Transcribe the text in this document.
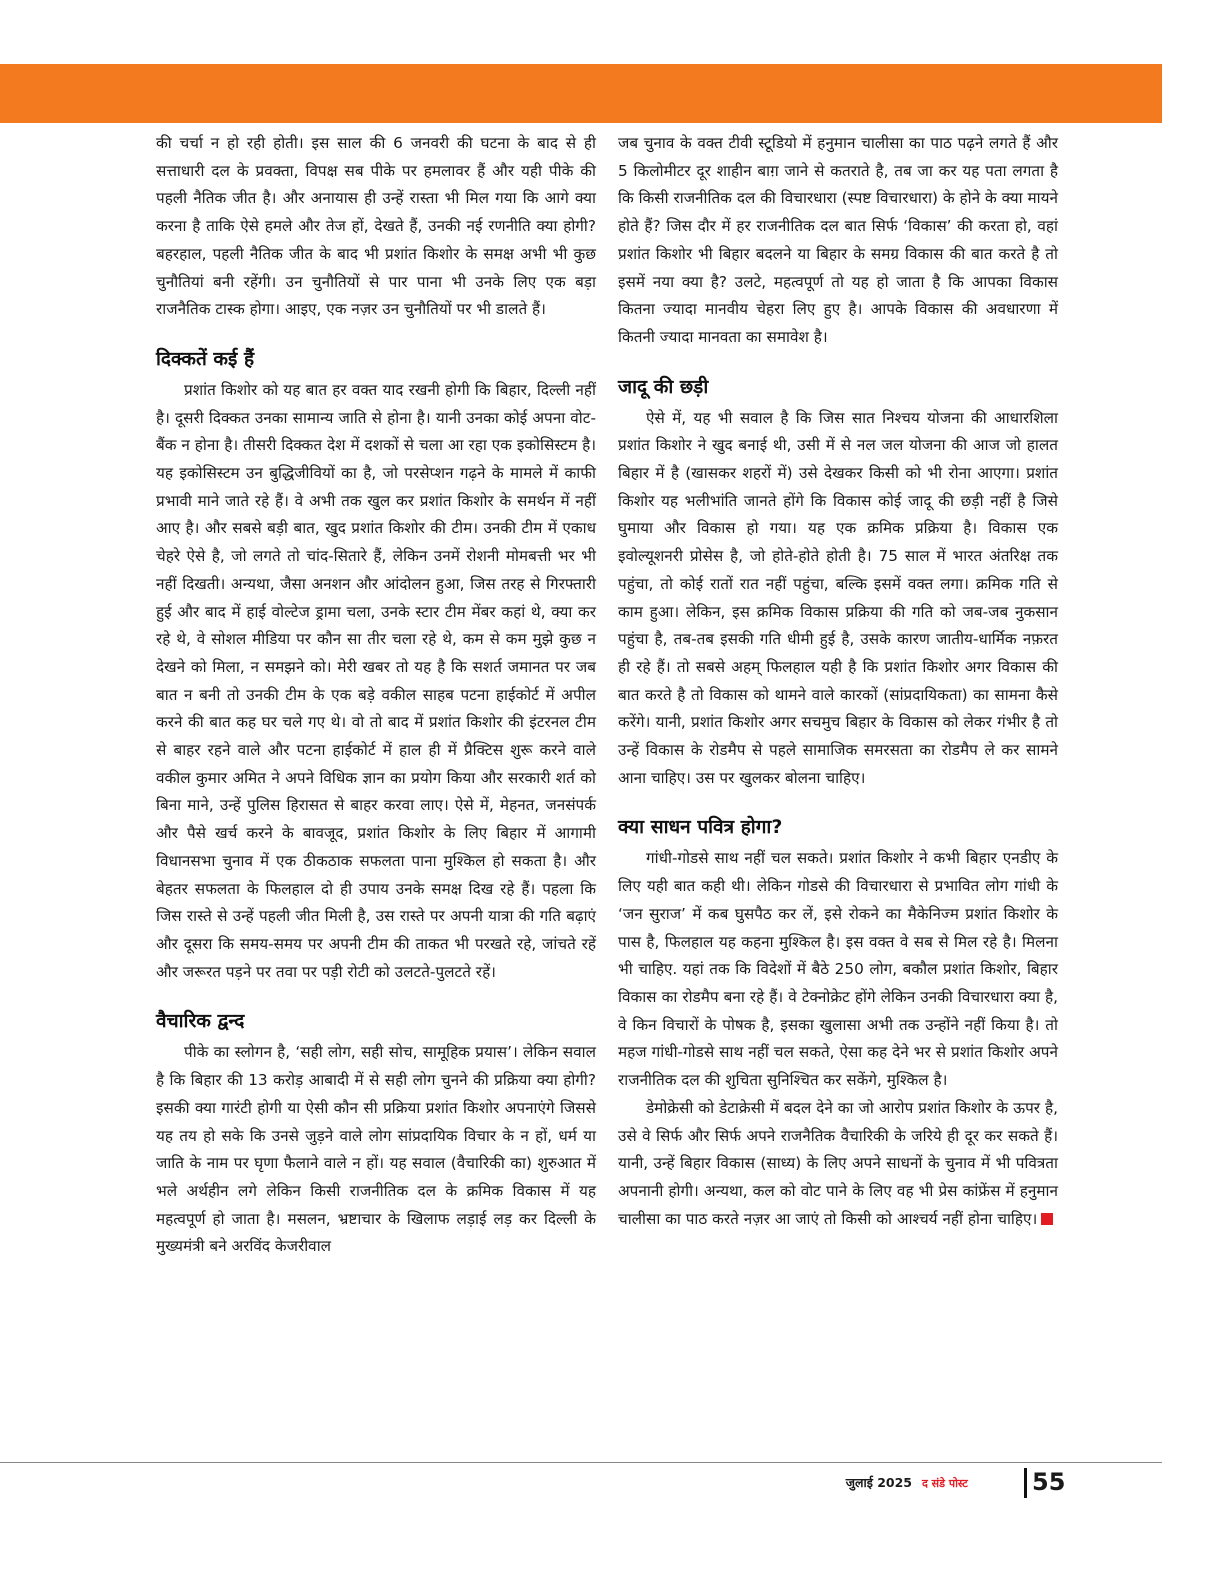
की चर्चा न हो रही होती। इस साल की 6 जनवरी की घटना के बाद से ही सत्ताधारी दल के प्रवक्ता, विपक्ष सब पीके पर हमलावर हैं और यही पीके की पहली नैतिक जीत है। और अनायास ही उन्हें रास्ता भी मिल गया कि आगे क्या करना है ताकि ऐसे हमले और तेज हों, देखते हैं, उनकी नई रणनीति क्या होगी? बहरहाल, पहली नैतिक जीत के बाद भी प्रशांत किशोर के समक्ष अभी भी कुछ चुनौतियां बनी रहेंगी। उन चुनौतियों से पार पाना भी उनके लिए एक बड़ा राजनैतिक टास्क होगा। आइए, एक नज़र उन चुनौतियों पर भी डालते हैं।

दिक्कतें कई हैं

प्रशांत किशोर को यह बात हर वक्त याद रखनी होगी कि बिहार, दिल्ली नहीं है। दूसरी दिक्कत उनका सामान्य जाति से होना है। यानी उनका कोई अपना वोट-बैंक न होना है। तीसरी दिक्कत देश में दशकों से चला आ रहा एक इकोसिस्टम है। यह इकोसिस्टम उन बुद्धिजीवियों का है, जो परसेप्शन गढ़ने के मामले में काफी प्रभावी माने जाते रहे हैं। वे अभी तक खुल कर प्रशांत किशोर के समर्थन में नहीं आए है। और सबसे बड़ी बात, खुद प्रशांत किशोर की टीम। उनकी टीम में एकाध चेहरे ऐसे है, जो लगते तो चांद-सितारे हैं, लेकिन उनमें रोशनी मोमबत्ती भर भी नहीं दिखती। अन्यथा, जैसा अनशन और आंदोलन हुआ, जिस तरह से गिरफ्तारी हुई और बाद में हाई वोल्टेज ड्रामा चला, उनके स्टार टीम मेंबर कहां थे, क्या कर रहे थे, वे सोशल मीडिया पर कौन सा तीर चला रहे थे, कम से कम मुझे कुछ न देखने को मिला, न समझने को। मेरी खबर तो यह है कि सशर्त जमानत पर जब बात न बनी तो उनकी टीम के एक बड़े वकील साहब पटना हाईकोर्ट में अपील करने की बात कह घर चले गए थे। वो तो बाद में प्रशांत किशोर की इंटरनल टीम से बाहर रहने वाले और पटना हाईकोर्ट में हाल ही में प्रैक्टिस शुरू करने वाले वकील कुमार अमित ने अपने विधिक ज्ञान का प्रयोग किया और सरकारी शर्त को बिना माने, उन्हें पुलिस हिरासत से बाहर करवा लाए। ऐसे में, मेहनत, जनसंपर्क और पैसे खर्च करने के बावजूद, प्रशांत किशोर के लिए बिहार में आगामी विधानसभा चुनाव में एक ठीकठाक सफलता पाना मुश्किल हो सकता है। और बेहतर सफलता के फिलहाल दो ही उपाय उनके समक्ष दिख रहे हैं। पहला कि जिस रास्ते से उन्हें पहली जीत मिली है, उस रास्ते पर अपनी यात्रा की गति बढ़ाएं और दूसरा कि समय-समय पर अपनी टीम की ताकत भी परखते रहे, जांचते रहें और जरूरत पड़ने पर तवा पर पड़ी रोटी को उलटते-पुलटते रहें।

वैचारिक द्वन्द

पीके का स्लोगन है, ‘सही लोग, सही सोच, सामूहिक प्रयास’। लेकिन सवाल है कि बिहार की 13 करोड़ आबादी में से सही लोग चुनने की प्रक्रिया क्या होगी? इसकी क्या गारंटी होगी या ऐसी कौन सी प्रक्रिया प्रशांत किशोर अपनाएंगे जिससे यह तय हो सके कि उनसे जुड़ने वाले लोग सांप्रदायिक विचार के न हों, धर्म या जाति के नाम पर घृणा फैलाने वाले न हों। यह सवाल (वैचारिकी का) शुरुआत में भले अर्थहीन लगे लेकिन किसी राजनीतिक दल के क्रमिक विकास में यह महत्वपूर्ण हो जाता है। मसलन, भ्रष्टाचार के खिलाफ लड़ाई लड़ कर दिल्ली के मुख्यमंत्री बने अरविंद केजरीवाल

जब चुनाव के वक्त टीवी स्टूडियो में हनुमान चालीसा का पाठ पढ़ने लगते हैं और 5 किलोमीटर दूर शाहीन बाग़ जाने से कतराते है, तब जा कर यह पता लगता है कि किसी राजनीतिक दल की विचारधारा (स्पष्ट विचारधारा) के होने के क्या मायने होते हैं? जिस दौर में हर राजनीतिक दल बात सिर्फ ‘विकास’ की करता हो, वहां प्रशांत किशोर भी बिहार बदलने या बिहार के समग्र विकास की बात करते है तो इसमें नया क्या है? उलटे, महत्वपूर्ण तो यह हो जाता है कि आपका विकास कितना ज्यादा मानवीय चेहरा लिए हुए है। आपके विकास की अवधारणा में कितनी ज्यादा मानवता का समावेश है।

जादू की छड़ी

ऐसे में, यह भी सवाल है कि जिस सात निश्चय योजना की आधारशिला प्रशांत किशोर ने खुद बनाई थी, उसी में से नल जल योजना की आज जो हालत बिहार में है (खासकर शहरों में) उसे देखकर किसी को भी रोना आएगा। प्रशांत किशोर यह भलीभांति जानते होंगे कि विकास कोई जादू की छड़ी नहीं है जिसे घुमाया और विकास हो गया। यह एक क्रमिक प्रक्रिया है। विकास एक इवोल्यूशनरी प्रोसेस है, जो होते-होते होती है। 75 साल में भारत अंतरिक्ष तक पहुंचा, तो कोई रातों रात नहीं पहुंचा, बल्कि इसमें वक्त लगा। क्रमिक गति से काम हुआ। लेकिन, इस क्रमिक विकास प्रक्रिया की गति को जब-जब नुकसान पहुंचा है, तब-तब इसकी गति धीमी हुई है, उसके कारण जातीय-धार्मिक नफ़रत ही रहे हैं। तो सबसे अहम् फिलहाल यही है कि प्रशांत किशोर अगर विकास की बात करते है तो विकास को थामने वाले कारकों (सांप्रदायिकता) का सामना कैसे करेंगे। यानी, प्रशांत किशोर अगर सचमुच बिहार के विकास को लेकर गंभीर है तो उन्हें विकास के रोडमैप से पहले सामाजिक समरसता का रोडमैप ले कर सामने आना चाहिए। उस पर खुलकर बोलना चाहिए।

क्या साधन पवित्र होगा?

गांधी-गोडसे साथ नहीं चल सकते। प्रशांत किशोर ने कभी बिहार एनडीए के लिए यही बात कही थी। लेकिन गोडसे की विचारधारा से प्रभावित लोग गांधी के ‘जन सुराज’ में कब घुसपैठ कर लें, इसे रोकने का मैकेनिज्म प्रशांत किशोर के पास है, फिलहाल यह कहना मुश्किल है। इस वक्त वे सब से मिल रहे है। मिलना भी चाहिए. यहां तक कि विदेशों में बैठे 250 लोग, बकौल प्रशांत किशोर, बिहार विकास का रोडमैप बना रहे हैं। वे टेक्नोक्रेट होंगे लेकिन उनकी विचारधारा क्या है, वे किन विचारों के पोषक है, इसका खुलासा अभी तक उन्होंने नहीं किया है। तो महज गांधी-गोडसे साथ नहीं चल सकते, ऐसा कह देने भर से प्रशांत किशोर अपने राजनीतिक दल की शुचिता सुनिश्चित कर सकेंगे, मुश्किल है।

डेमोक्रेसी को डेटाक्रेसी में बदल देने का जो आरोप प्रशांत किशोर के ऊपर है, उसे वे सिर्फ और सिर्फ अपने राजनैतिक वैचारिकी के जरिये ही दूर कर सकते हैं। यानी, उन्हें बिहार विकास (साध्य) के लिए अपने साधनों के चुनाव में भी पवित्रता अपनानी होगी। अन्यथा, कल को वोट पाने के लिए वह भी प्रेस कांफ्रेंस में हनुमान चालीसा का पाठ करते नज़र आ जाएं तो किसी को आश्चर्य नहीं होना चाहिए।

जुलाई 2025 द संडे पोस्ट	55
